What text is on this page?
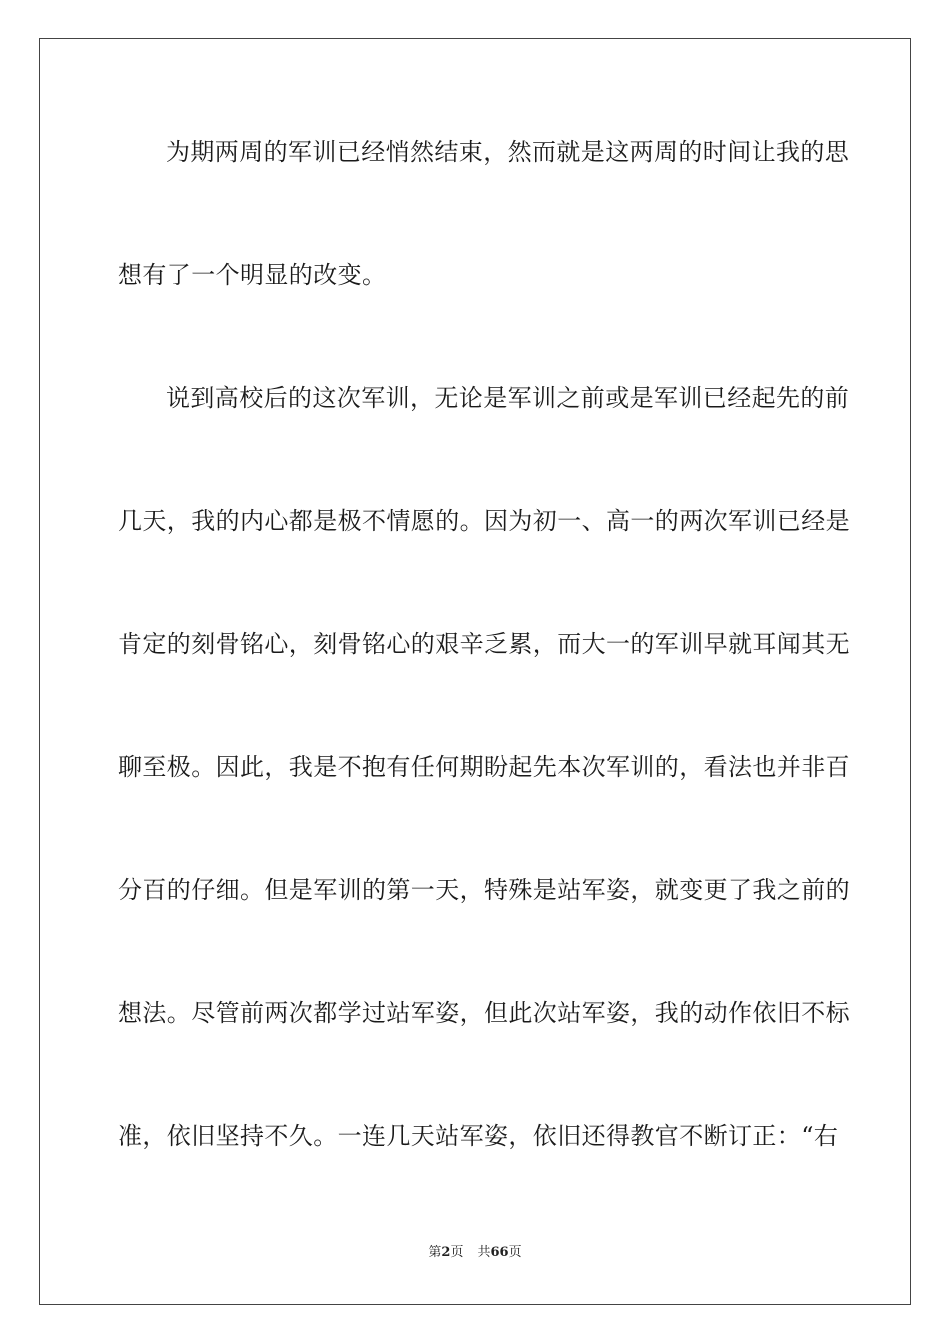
为期两周的军训已经悄然结束，然而就是这两周的时间让我的思
想有了一个明显的改变。
说到高校后的这次军训，无论是军训之前或是军训已经起先的前
几天，我的内心都是极不情愿的。因为初一、高一的两次军训已经是
肯定的刻骨铭心，刻骨铭心的艰辛乏累，而大一的军训早就耳闻其无
聊至极。因此，我是不抱有任何期盼起先本次军训的，看法也并非百
分百的仔细。但是军训的第一天，特殊是站军姿，就变更了我之前的
想法。尽管前两次都学过站军姿，但此次站军姿，我的动作依旧不标
准，依旧坚持不久。一连几天站军姿，依旧还得教官不断订正：“右
第2页 共66页
